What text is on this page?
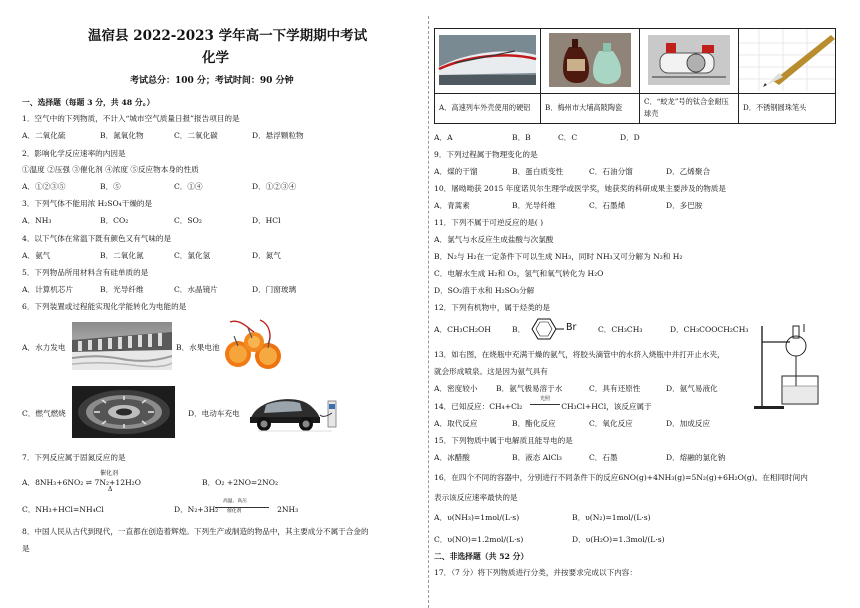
温宿县 2022-2023 学年高一下学期期中考试
化学
考试总分：100 分；考试时间：90 分钟
一、选择题（每题 3 分，共 48 分。）
1．空气中的下列物质，不计入“城市空气质量日报”报告项目的是
A．二氧化硫	B．氮氧化物	C．二氧化碳	D．悬浮颗粒物
2．影响化学反应速率的内因是
①温度 ②压强 ③催化剂 ④浓度 ⑤反应物本身的性质
A．①②③⑤	B．⑤	C．①④	D．①②③④
3．下列气体不能用浓 H₂SO₄干燥的是
A．NH₃	B．CO₂	C．SO₂	D．HCl
4．以下气体在常温下既有颜色又有气味的是
A．氨气	B．二氧化氮	C．氯化氢	D．氮气
5．下列物品所用材料含有硅单质的是
A．计算机芯片	B．光导纤维	C．水晶镜片	D．门窗玻璃
6．下列装置或过程能实现化学能转化为电能的是
A．水力发电	B．水果电池
C．燃气燃烧	D．电动车充电
7．下列反应属于固氮反应的是
A．8NH₃+6NO₂ ⇌ 7N₂+12H₂O
催化剂
Δ
B．O₂ +2NO=2NO₂
C．NH₃+HCl=NH₄Cl	D．N₂+3H₂	2NH₃
高温、高压
催化剂
8．中国人民从古代到现代，一直都在创造着辉煌。下列生产或制造的物品中，其主要成分不属于合金的
是

A．高速列车外壳使用的硬铝	B．梅州市大埔高陂陶瓷	C．“蛟龙”号的钛合金耐压球壳	D．不锈钢圆珠笔头
A．A	B．B	C．C	D．D
9．下列过程属于物理变化的是
A．煤的干馏	B．蛋白质变性	C．石油分馏	D．乙烯聚合
10．屠呦呦获 2015 年度诺贝尔生理学或医学奖，她获奖的科研成果主要涉及的物质是
A．青蒿素	B．光导纤维	C．石墨烯	D．多巴胺
11．下列不属于可逆反应的是( )
A．氯气与水反应生成盐酸与次氯酸
B．N₂与 H₂在一定条件下可以生成 NH₃，同时 NH₃又可分解为 N₂和 H₂
C．电解水生成 H₂和 O₂，氢气和氧气转化为 H₂O
D．SO₂溶于水和 H₂SO₃分解
12．下列有机物中，属于烃类的是
A．CH₃CH₂OH	B．	Br	C．CH₃CH₃	D．CH₃COOCH₂CH₃
13．如右图，在烧瓶中充满干燥的氨气，将胶头滴管中的水挤入烧瓶中并打开止水夹，
就会形成喷泉。这是因为氨气具有
A．密度较小 B．氨气极易溶于水	C．具有还原性	D．氨气易液化
14．已知反应：CH₄+Cl₂	CH₃Cl+HCl，该反应属于
光照
A．取代反应	B．酯化反应	C．氧化反应	D．加成反应
15．下列物质中属于电解质且能导电的是
A．冰醋酸	B．液态 AlCl₃	C．石墨	D．熔融的氯化钠
16．在四个不同的容器中，分别进行不同条件下的反应6NO(g)+4NH₃(g)=5N₂(g)+6H₂O(g)。在相同时间内
表示该反应速率最快的是
A．υ(NH₃)=1mol/(L·s)	B．υ(N₂)=1mol/(L·s)
C．υ(NO)=1.2mol/(L·s)	D．υ(H₂O)=1.3mol/(L·s)
二、非选择题（共 52 分）
17．（7 分）将下列物质进行分类，并按要求完成以下内容：
